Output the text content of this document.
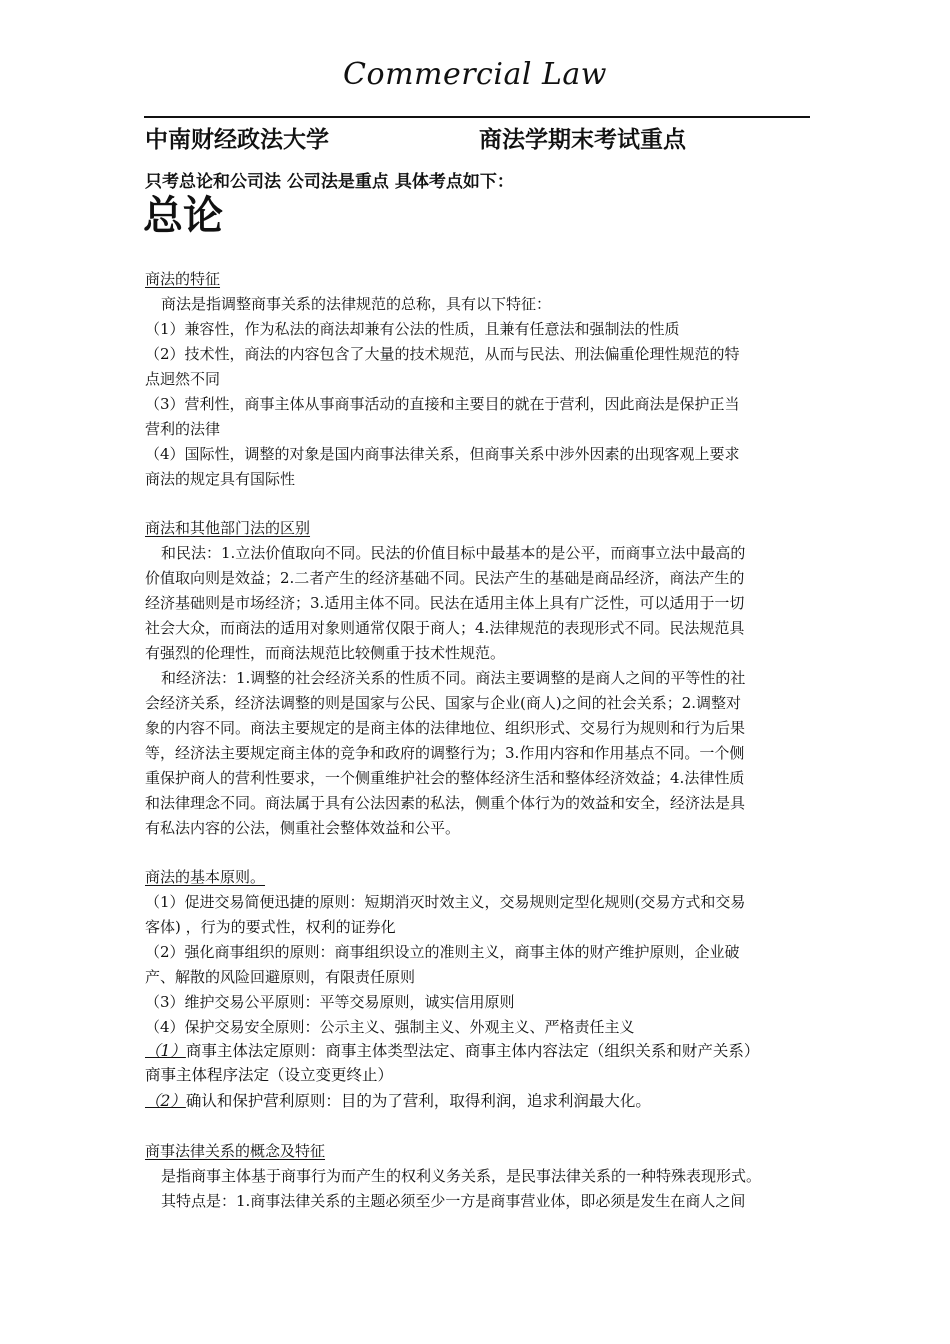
Commercial Law
中南财经政法大学	商法学期末考试重点
只考总论和公司法 公司法是重点 具体考点如下：
总论
商法的特征
商法是指调整商事关系的法律规范的总称，具有以下特征：
（1）兼容性，作为私法的商法却兼有公法的性质，且兼有任意法和强制法的性质
（2）技术性，商法的内容包含了大量的技术规范，从而与民法、刑法偏重伦理性规范的特
点迥然不同
（3）营利性，商事主体从事商事活动的直接和主要目的就在于营利，因此商法是保护正当
营利的法律
（4）国际性，调整的对象是国内商事法律关系，但商事关系中涉外因素的出现客观上要求
商法的规定具有国际性
商法和其他部门法的区别
和民法：1.立法价值取向不同。民法的价值目标中最基本的是公平，而商事立法中最高的
价值取向则是效益；2.二者产生的经济基础不同。民法产生的基础是商品经济，商法产生的
经济基础则是市场经济；3.适用主体不同。民法在适用主体上具有广泛性，可以适用于一切
社会大众，而商法的适用对象则通常仅限于商人；4.法律规范的表现形式不同。民法规范具
有强烈的伦理性，而商法规范比较侧重于技术性规范。
和经济法：1.调整的社会经济关系的性质不同。商法主要调整的是商人之间的平等性的社
会经济关系，经济法调整的则是国家与公民、国家与企业(商人)之间的社会关系；2.调整对
象的内容不同。商法主要规定的是商主体的法律地位、组织形式、交易行为规则和行为后果
等，经济法主要规定商主体的竞争和政府的调整行为；3.作用内容和作用基点不同。一个侧
重保护商人的营利性要求，一个侧重维护社会的整体经济生活和整体经济效益；4.法律性质
和法律理念不同。商法属于具有公法因素的私法，侧重个体行为的效益和安全，经济法是具
有私法内容的公法，侧重社会整体效益和公平。
商法的基本原则。
（1）促进交易简便迅捷的原则：短期消灭时效主义，交易规则定型化规则(交易方式和交易
客体) ，行为的要式性，权利的证券化
（2）强化商事组织的原则：商事组织设立的准则主义，商事主体的财产维护原则，企业破
产、解散的风险回避原则，有限责任原则
（3）维护交易公平原则：平等交易原则，诚实信用原则
（4）保护交易安全原则：公示主义、强制主义、外观主义、严格责任主义
（1）商事主体法定原则：商事主体类型法定、商事主体内容法定（组织关系和财产关系）
商事主体程序法定（设立变更终止）
（2）确认和保护营利原则：目的为了营利，取得利润，追求利润最大化。
商事法律关系的概念及特征
是指商事主体基于商事行为而产生的权利义务关系，是民事法律关系的一种特殊表现形式。
其特点是：1.商事法律关系的主题必须至少一方是商事营业体，即必须是发生在商人之间
